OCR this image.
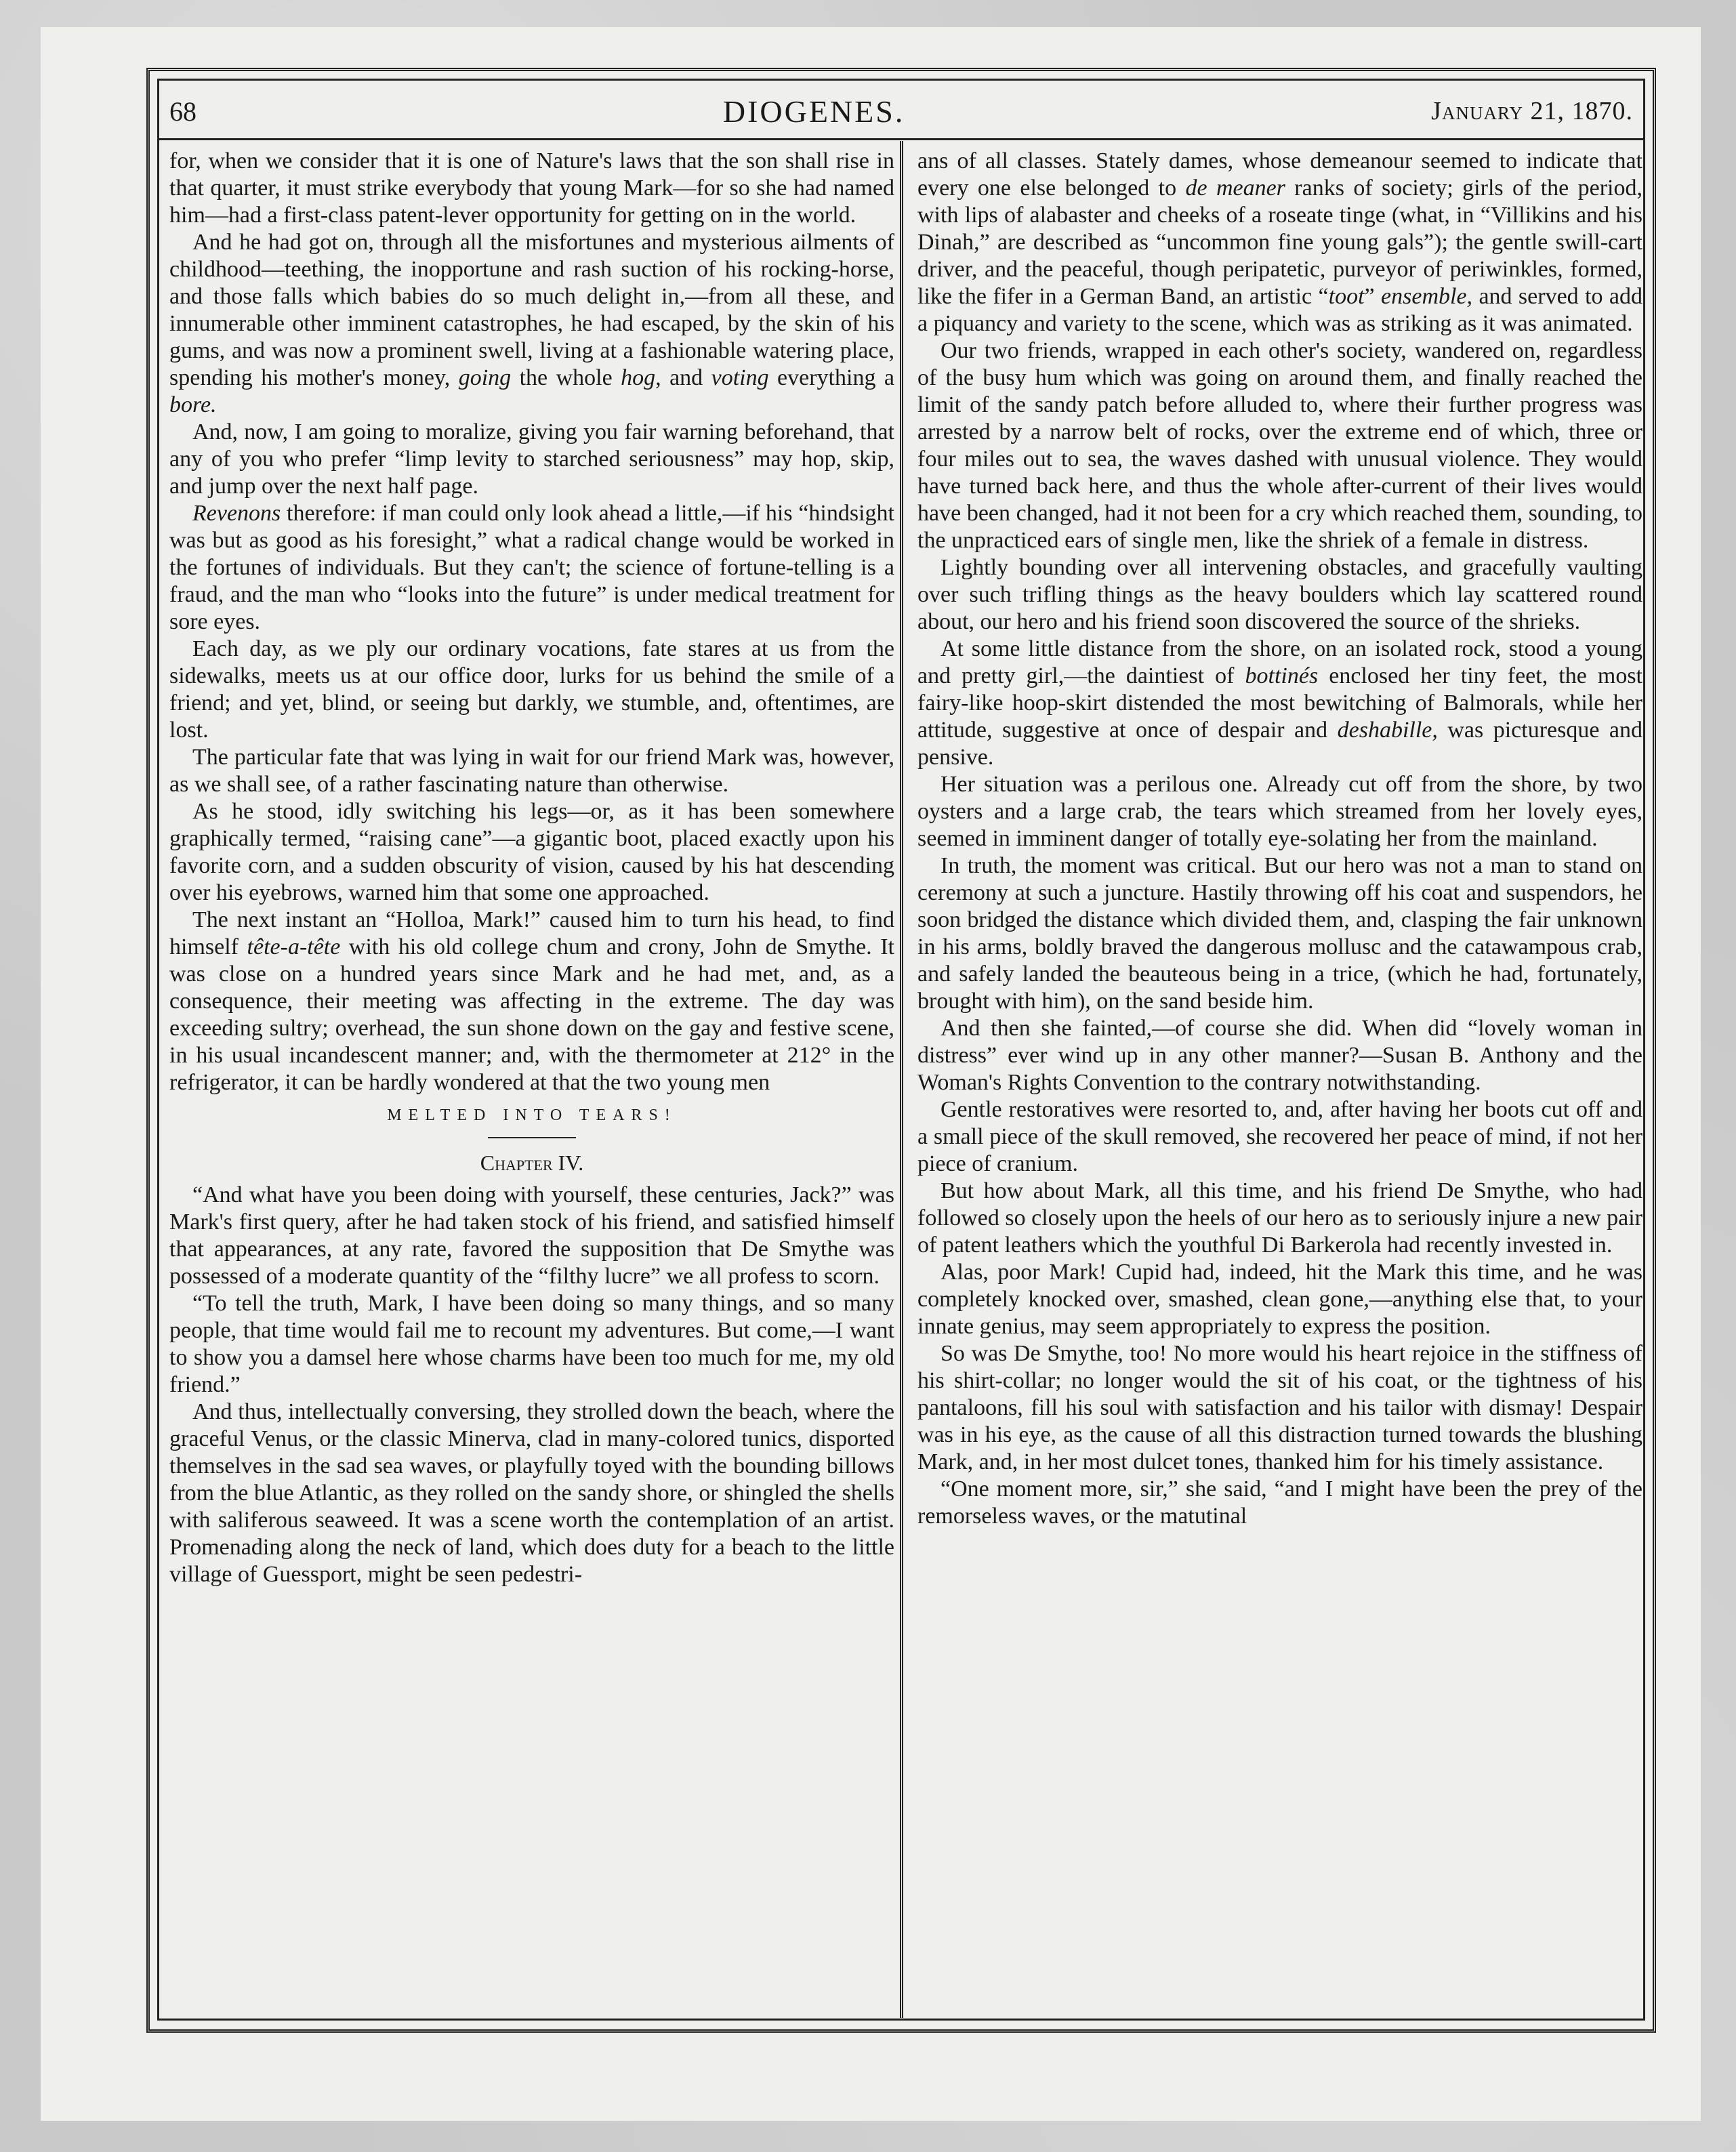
68	DIOGENES.	January 21, 1870.

for, when we consider that it is one of Nature's laws that the son shall rise in that quarter, it must strike everybody that young Mark—for so she had named him—had a first-class patent-lever opportunity for getting on in the world.

And he had got on, through all the misfortunes and mysterious ailments of childhood—teething, the inopportune and rash suction of his rocking-horse, and those falls which babies do so much delight in,—from all these, and innumerable other imminent catastrophes, he had escaped, by the skin of his gums, and was now a prominent swell, living at a fashionable watering place, spending his mother's money, going the whole hog, and voting everything a bore.

And, now, I am going to moralize, giving you fair warning beforehand, that any of you who prefer “limp levity to starched seriousness” may hop, skip, and jump over the next half page.

Revenons therefore: if man could only look ahead a little,—if his “hindsight was but as good as his foresight,” what a radical change would be worked in the fortunes of individuals. But they can't; the science of fortune-telling is a fraud, and the man who “looks into the future” is under medical treatment for sore eyes.

Each day, as we ply our ordinary vocations, fate stares at us from the sidewalks, meets us at our office door, lurks for us behind the smile of a friend; and yet, blind, or seeing but darkly, we stumble, and, oftentimes, are lost.

The particular fate that was lying in wait for our friend Mark was, however, as we shall see, of a rather fascinating nature than otherwise.

As he stood, idly switching his legs—or, as it has been somewhere graphically termed, “raising cane”—a gigantic boot, placed exactly upon his favorite corn, and a sudden obscurity of vision, caused by his hat descending over his eyebrows, warned him that some one approached.

The next instant an “Holloa, Mark!” caused him to turn his head, to find himself tête-a-tête with his old college chum and crony, John de Smythe. It was close on a hundred years since Mark and he had met, and, as a consequence, their meeting was affecting in the extreme. The day was exceeding sultry; overhead, the sun shone down on the gay and festive scene, in his usual incandescent manner; and, with the thermometer at 212° in the refrigerator, it can be hardly wondered at that the two young men

MELTED INTO TEARS!
Chapter IV.

“And what have you been doing with yourself, these centuries, Jack?” was Mark's first query, after he had taken stock of his friend, and satisfied himself that appearances, at any rate, favored the supposition that De Smythe was possessed of a moderate quantity of the “filthy lucre” we all profess to scorn.

“To tell the truth, Mark, I have been doing so many things, and so many people, that time would fail me to recount my adventures. But come,—I want to show you a damsel here whose charms have been too much for me, my old friend.”

And thus, intellectually conversing, they strolled down the beach, where the graceful Venus, or the classic Minerva, clad in many-colored tunics, disported themselves in the sad sea waves, or playfully toyed with the bounding billows from the blue Atlantic, as they rolled on the sandy shore, or shingled the shells with saliferous seaweed. It was a scene worth the contemplation of an artist. Promenading along the neck of land, which does duty for a beach to the little village of Guessport, might be seen pedestri-

ans of all classes. Stately dames, whose demeanour seemed to indicate that every one else belonged to de meaner ranks of society; girls of the period, with lips of alabaster and cheeks of a roseate tinge (what, in “Villikins and his Dinah,” are described as “uncommon fine young gals”); the gentle swill-cart driver, and the peaceful, though peripatetic, purveyor of periwinkles, formed, like the fifer in a German Band, an artistic “toot” ensemble, and served to add a piquancy and variety to the scene, which was as striking as it was animated.

Our two friends, wrapped in each other's society, wandered on, regardless of the busy hum which was going on around them, and finally reached the limit of the sandy patch before alluded to, where their further progress was arrested by a narrow belt of rocks, over the extreme end of which, three or four miles out to sea, the waves dashed with unusual violence. They would have turned back here, and thus the whole after-current of their lives would have been changed, had it not been for a cry which reached them, sounding, to the unpracticed ears of single men, like the shriek of a female in distress.

Lightly bounding over all intervening obstacles, and gracefully vaulting over such trifling things as the heavy boulders which lay scattered round about, our hero and his friend soon discovered the source of the shrieks.

At some little distance from the shore, on an isolated rock, stood a young and pretty girl,—the daintiest of bottinés enclosed her tiny feet, the most fairy-like hoop-skirt distended the most bewitching of Balmorals, while her attitude, suggestive at once of despair and deshabille, was picturesque and pensive.

Her situation was a perilous one. Already cut off from the shore, by two oysters and a large crab, the tears which streamed from her lovely eyes, seemed in imminent danger of totally eye-solating her from the mainland.

In truth, the moment was critical. But our hero was not a man to stand on ceremony at such a juncture. Hastily throwing off his coat and suspendors, he soon bridged the distance which divided them, and, clasping the fair unknown in his arms, boldly braved the dangerous mollusc and the catawampous crab, and safely landed the beauteous being in a trice, (which he had, fortunately, brought with him), on the sand beside him.

And then she fainted,—of course she did. When did “lovely woman in distress” ever wind up in any other manner?—Susan B. Anthony and the Woman's Rights Convention to the contrary notwithstanding.

Gentle restoratives were resorted to, and, after having her boots cut off and a small piece of the skull removed, she recovered her peace of mind, if not her piece of cranium.

But how about Mark, all this time, and his friend De Smythe, who had followed so closely upon the heels of our hero as to seriously injure a new pair of patent leathers which the youthful Di Barkerola had recently invested in.

Alas, poor Mark! Cupid had, indeed, hit the Mark this time, and he was completely knocked over, smashed, clean gone,—anything else that, to your innate genius, may seem appropriately to express the position.

So was De Smythe, too! No more would his heart rejoice in the stiffness of his shirt-collar; no longer would the sit of his coat, or the tightness of his pantaloons, fill his soul with satisfaction and his tailor with dismay! Despair was in his eye, as the cause of all this distraction turned towards the blushing Mark, and, in her most dulcet tones, thanked him for his timely assistance.

“One moment more, sir,” she said, “and I might have been the prey of the remorseless waves, or the matutinal
